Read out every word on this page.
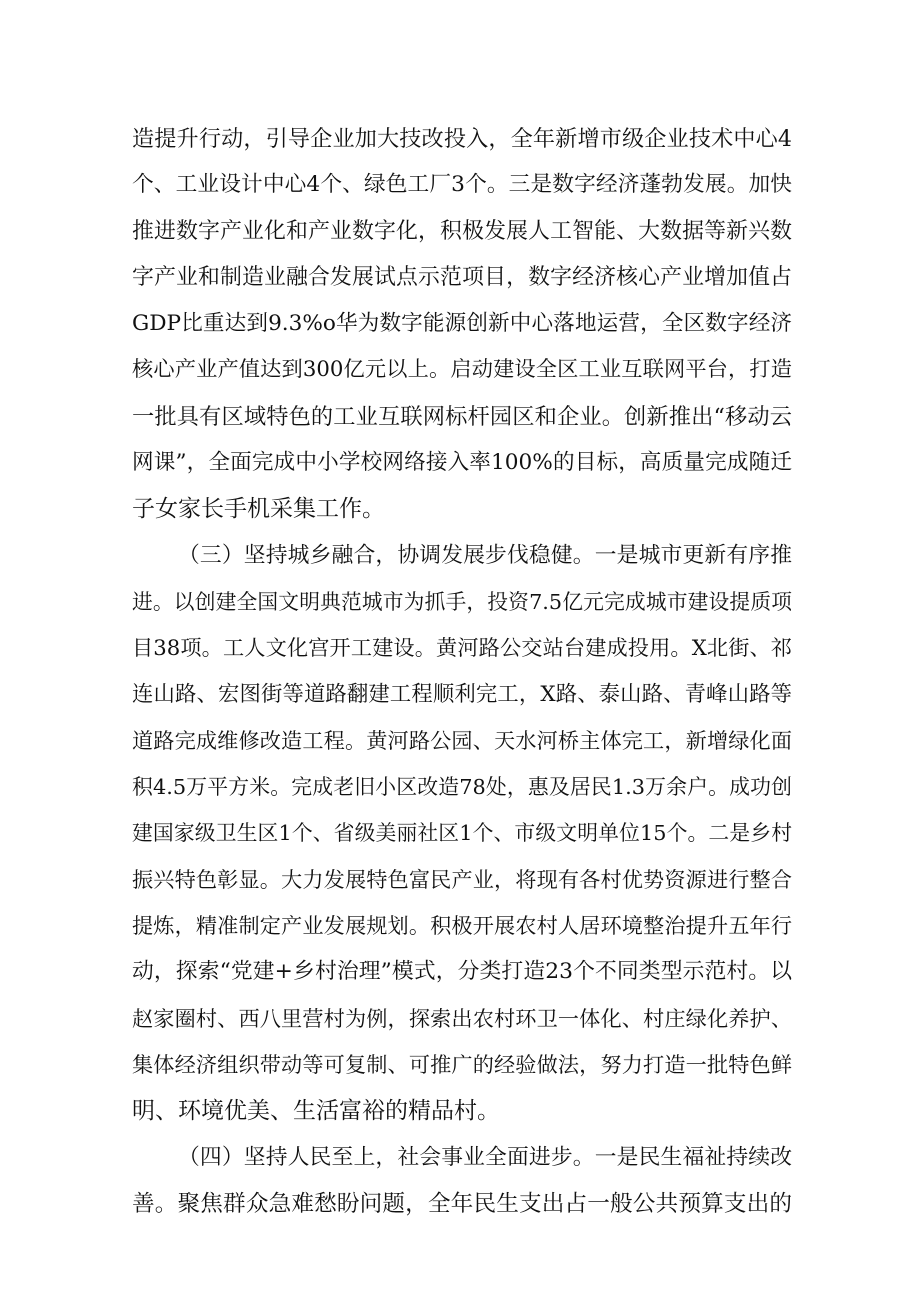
造提升行动，引导企业加大技改投入，全年新增市级企业技术中心4
个、工业设计中心4个、绿色工厂3个。三是数字经济蓬勃发展。加快
推进数字产业化和产业数字化，积极发展人工智能、大数据等新兴数
字产业和制造业融合发展试点示范项目，数字经济核心产业增加值占
GDP比重达到9.3%o华为数字能源创新中心落地运营，全区数字经济
核心产业产值达到300亿元以上。启动建设全区工业互联网平台，打造
一批具有区域特色的工业互联网标杆园区和企业。创新推出“移动云
网课”，全面完成中小学校网络接入率100%的目标，高质量完成随迁
子女家长手机采集工作。

（三）坚持城乡融合，协调发展步伐稳健。一是城市更新有序推
进。以创建全国文明典范城市为抓手，投资7.5亿元完成城市建设提质项
目38项。工人文化宫开工建设。黄河路公交站台建成投用。X北街、祁
连山路、宏图街等道路翻建工程顺利完工，X路、泰山路、青峰山路等
道路完成维修改造工程。黄河路公园、天水河桥主体完工，新增绿化面
积4.5万平方米。完成老旧小区改造78处，惠及居民1.3万余户。成功创
建国家级卫生区1个、省级美丽社区1个、市级文明单位15个。二是乡村
振兴特色彰显。大力发展特色富民产业，将现有各村优势资源进行整合
提炼，精准制定产业发展规划。积极开展农村人居环境整治提升五年行
动，探索“党建+乡村治理”模式，分类打造23个不同类型示范村。以
赵家圈村、西八里营村为例，探索出农村环卫一体化、村庄绿化养护、
集体经济组织带动等可复制、可推广的经验做法，努力打造一批特色鲜
明、环境优美、生活富裕的精品村。

（四）坚持人民至上，社会事业全面进步。一是民生福祉持续改
善。聚焦群众急难愁盼问题，全年民生支出占一般公共预算支出的
